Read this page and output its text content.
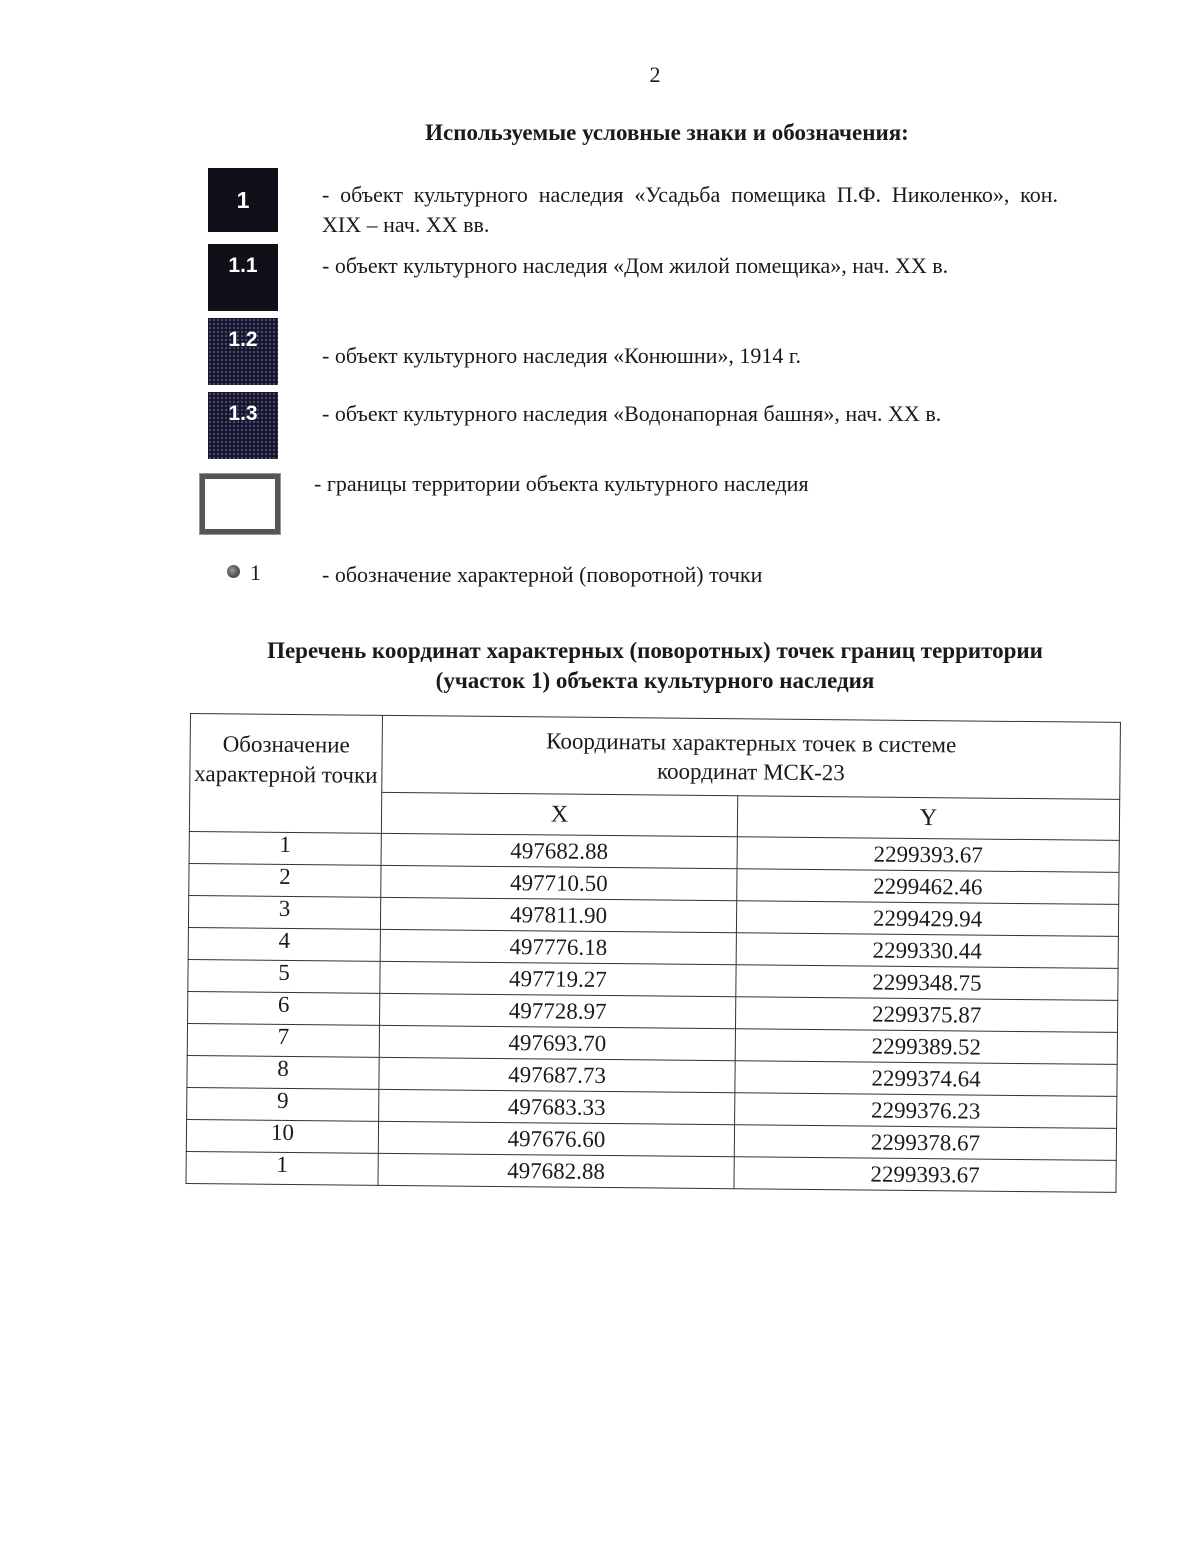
2
Используемые условные знаки и обозначения:
1	- объект культурного наследия «Усадьба помещика П.Ф. Николенко», кон. XIX – нач. XX вв.
1.1	- объект культурного наследия «Дом жилой помещика», нач. XX в.
1.2
- объект культурного наследия «Конюшни», 1914 г.
1.3	- объект культурного наследия «Водонапорная башня», нач. XX в.
- границы территории объекта культурного наследия
1	- обозначение характерной (поворотной) точки
Перечень координат характерных (поворотных) точек границ территории
(участок 1) объекта культурного наследия
Обозначение характерной точки	Координаты характерных точек в системе
координат МСК-23	

	X	Y
1	497682.88	2299393.67
2	497710.50	2299462.46
3	497811.90	2299429.94
4	497776.18	2299330.44
5	497719.27	2299348.75
6	497728.97	2299375.87
7	497693.70	2299389.52
8	497687.73	2299374.64
9	497683.33	2299376.23
10	497676.60	2299378.67
1	497682.88	2299393.67
